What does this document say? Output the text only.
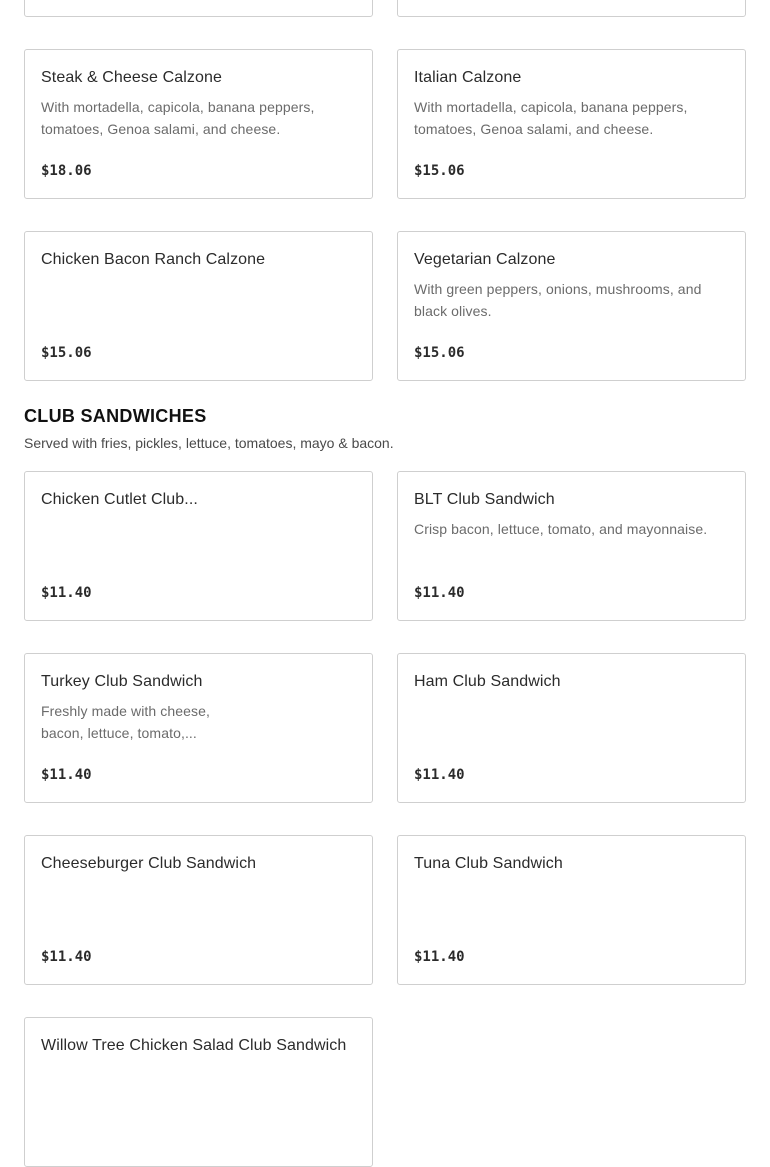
Steak & Cheese Calzone
With mortadella, capicola, banana peppers, tomatoes, Genoa salami, and cheese.
$18.06
Italian Calzone
With mortadella, capicola, banana peppers, tomatoes, Genoa salami, and cheese.
$15.06
Chicken Bacon Ranch Calzone
$15.06
Vegetarian Calzone
With green peppers, onions, mushrooms, and black olives.
$15.06
CLUB SANDWICHES
Served with fries, pickles, lettuce, tomatoes, mayo & bacon.
Chicken Cutlet Club...
$11.40
BLT Club Sandwich
Crisp bacon, lettuce, tomato, and mayonnaise.
$11.40
Turkey Club Sandwich
Freshly made with cheese, bacon, lettuce, tomato,...
$11.40
Ham Club Sandwich
$11.40
Cheeseburger Club Sandwich
$11.40
Tuna Club Sandwich
$11.40
Willow Tree Chicken Salad Club Sandwich
